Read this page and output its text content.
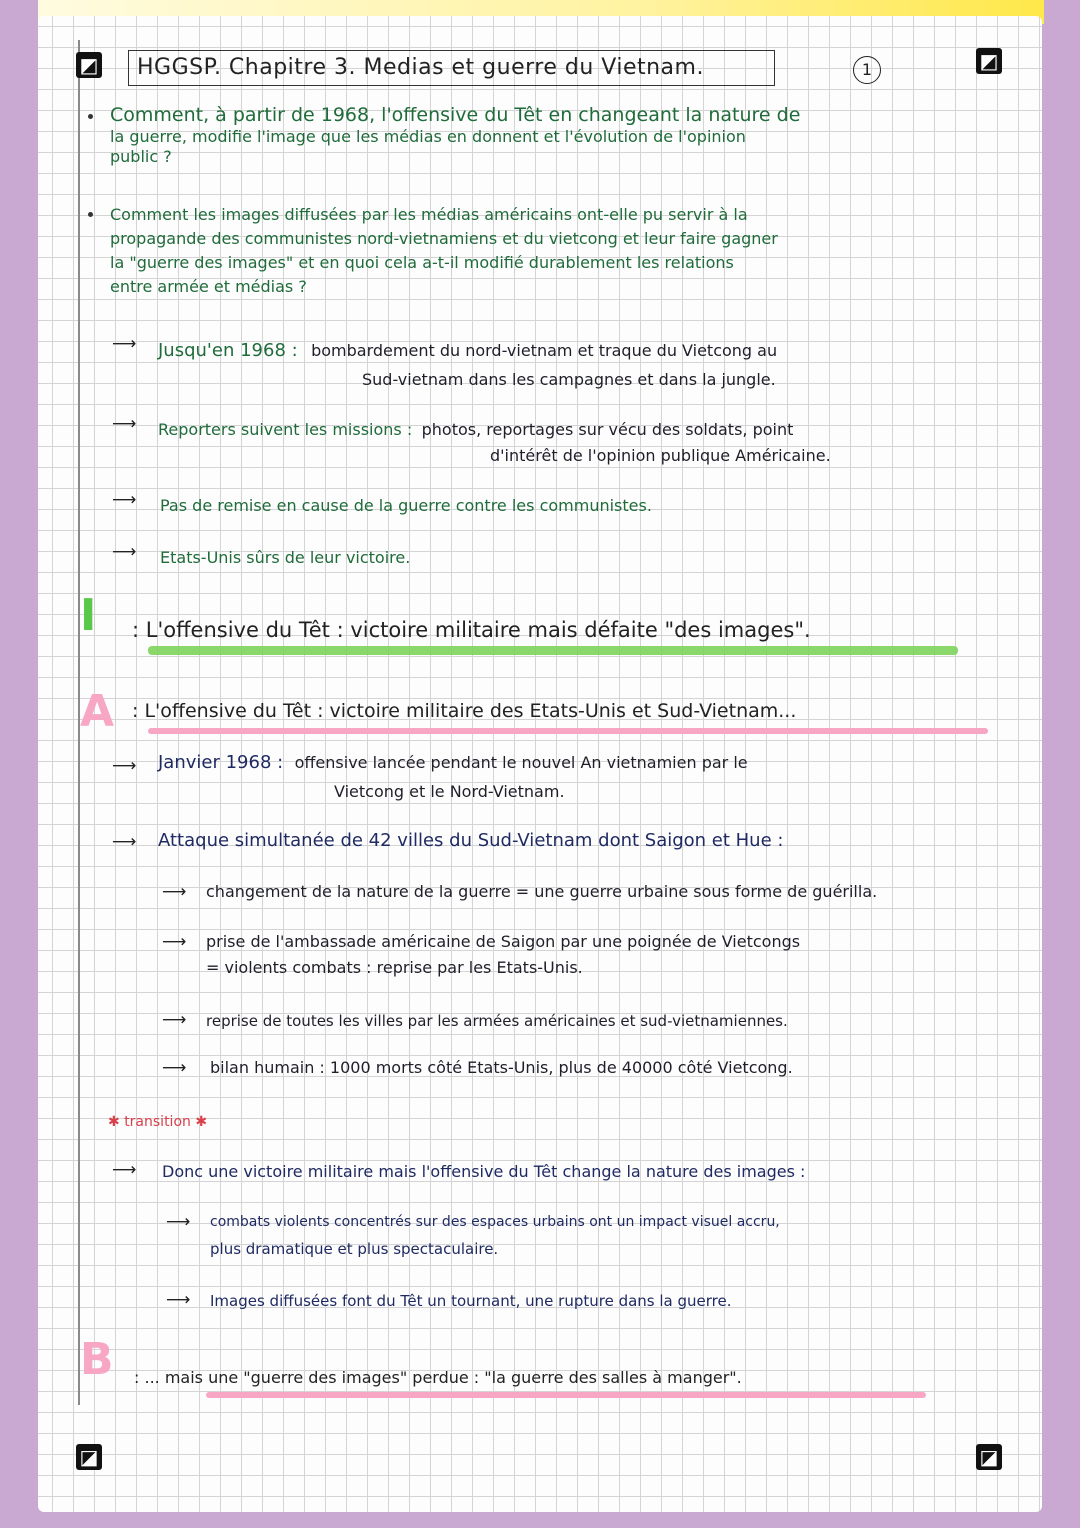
◩	◩
◪	◪
HGGSP. Chapitre 3. Medias et guerre du Vietnam.	1
Comment, à partir de 1968, l'offensive du Têt en changeant la nature de
la guerre, modifie l'image que les médias en donnent et l'évolution de l'opinion
public ?
Comment les images diffusées par les médias américains ont-elle pu servir à la
propagande des communistes nord-vietnamiens et du vietcong et leur faire gagner
la "guerre des images" et en quoi cela a-t-il modifié durablement les relations
entre armée et médias ?
⟶ Jusqu'en 1968 : bombardement du nord-vietnam et traque du Vietcong au
Sud-vietnam dans les campagnes et dans la jungle.
⟶ Reporters suivent les missions : photos, reportages sur vécu des soldats, point
d'intérêt de l'opinion publique Américaine.
⟶ Pas de remise en cause de la guerre contre les communistes.
⟶ Etats-Unis sûrs de leur victoire.
I : L'offensive du Têt : victoire militaire mais défaite "des images".
A : L'offensive du Têt : victoire militaire des Etats-Unis et Sud-Vietnam...
⟶ Janvier 1968 : offensive lancée pendant le nouvel An vietnamien par le
Vietcong et le Nord-Vietnam.
⟶ Attaque simultanée de 42 villes du Sud-Vietnam dont Saigon et Hue :
⟶ changement de la nature de la guerre = une guerre urbaine sous forme de guérilla.
⟶ prise de l'ambassade américaine de Saigon par une poignée de Vietcongs
= violents combats : reprise par les Etats-Unis.
⟶ reprise de toutes les villes par les armées américaines et sud-vietnamiennes.
⟶ bilan humain : 1000 morts côté Etats-Unis, plus de 40000 côté Vietcong.
✱ transition ✱
⟶ Donc une victoire militaire mais l'offensive du Têt change la nature des images :
⟶ combats violents concentrés sur des espaces urbains ont un impact visuel accru,
plus dramatique et plus spectaculaire.
⟶ Images diffusées font du Têt un tournant, une rupture dans la guerre.
B : ... mais une "guerre des images" perdue : "la guerre des salles à manger".
